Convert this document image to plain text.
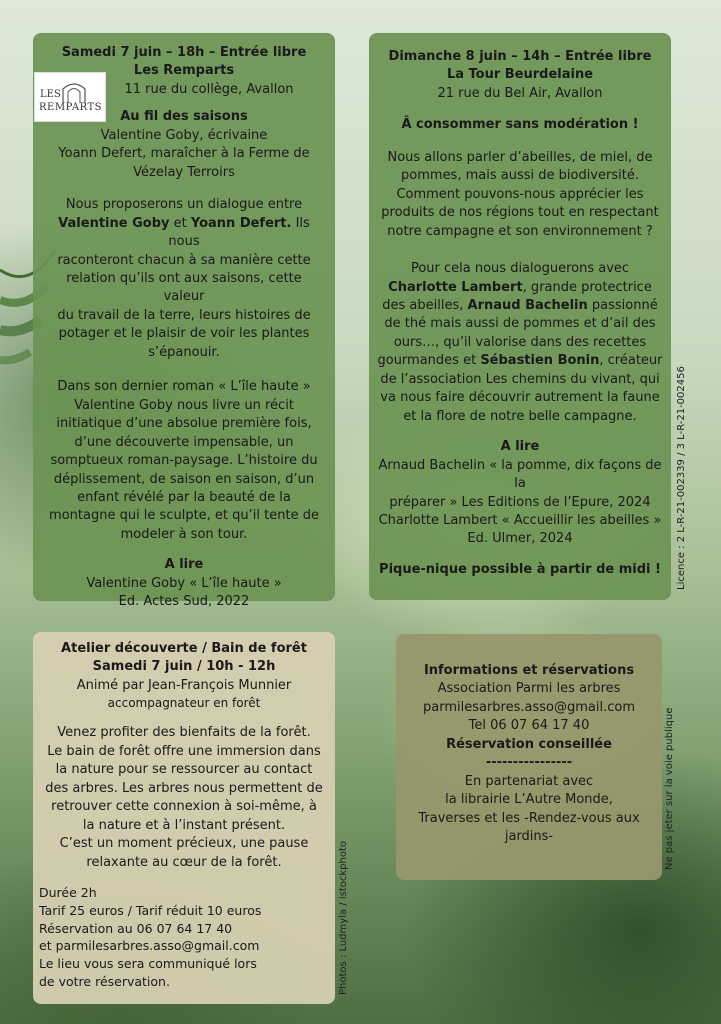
Samedi 7 juin – 18h – Entrée libre

Les Remparts

11 rue du collège, Avallon

Au fil des saisons

Valentine Goby, écrivaine

Yoann Defert, maraîcher à la Ferme de

Vézelay Terroirs

Nous proposerons un dialogue entre

Valentine Goby et Yoann Defert. Ils nous

raconteront chacun à sa manière cette

relation qu’ils ont aux saisons, cette valeur

du travail de la terre, leurs histoires de

potager et le plaisir de voir les plantes

s’épanouir.

Dans son dernier roman « L’île haute »

Valentine Goby nous livre un récit

initiatique d’une absolue première fois,

d’une découverte impensable, un

somptueux roman-paysage. L’histoire du

déplissement, de saison en saison, d’un

enfant révélé par la beauté de la

montagne qui le sculpte, et qu’il tente de

modeler à son tour.

A lire

Valentine Goby « L’île haute »

Ed. Actes Sud, 2022

LES
REMPARTS

Dimanche 8 juin – 14h – Entrée libre

La Tour Beurdelaine

21 rue du Bel Air, Avallon

Â consommer sans modération !

Nous allons parler d’abeilles, de miel, de

pommes, mais aussi de biodiversité.

Comment pouvons-nous apprécier les

produits de nos régions tout en respectant

notre campagne et son environnement ?

Pour cela nous dialoguerons avec

Charlotte Lambert, grande protectrice

des abeilles, Arnaud Bachelin passionné

de thé mais aussi de pommes et d’ail des

ours…, qu’il valorise dans des recettes

gourmandes et Sébastien Bonin, créateur

de l’association Les chemins du vivant, qui

va nous faire découvrir autrement la faune

et la flore de notre belle campagne.

A lire

Arnaud Bachelin « la pomme, dix façons de la

préparer » Les Editions de l’Epure, 2024

Charlotte Lambert « Accueillir les abeilles »

Ed. Ulmer, 2024

Pique-nique possible à partir de midi !

Atelier découverte / Bain de forêt

Samedi 7 juin / 10h - 12h

Animé par Jean-François Munnier

accompagnateur en forêt

Venez profiter des bienfaits de la forêt.

Le bain de forêt offre une immersion dans

la nature pour se ressourcer au contact

des arbres. Les arbres nous permettent de

retrouver cette connexion à soi-même, à

la nature et à l’instant présent.

C’est un moment précieux, une pause

relaxante au cœur de la forêt.

Durée 2h

Tarif 25 euros / Tarif réduit 10 euros

Réservation au 06 07 64 17 40

et parmilesarbres.asso@gmail.com

Le lieu vous sera communiqué lors

de votre réservation.

Informations et réservations

Association Parmi les arbres

parmilesarbres.asso@gmail.com

Tel 06 07 64 17 40

Réservation conseillée

----------------

En partenariat avec

la librairie L’Autre Monde,

Traverses et les -Rendez-vous aux

jardins-

Licence : 2 L-R-21-002339 / 3 L-R-21-002456
Photos : Ludmyla / istockphoto
Ne pas jeter sur la voie publique
